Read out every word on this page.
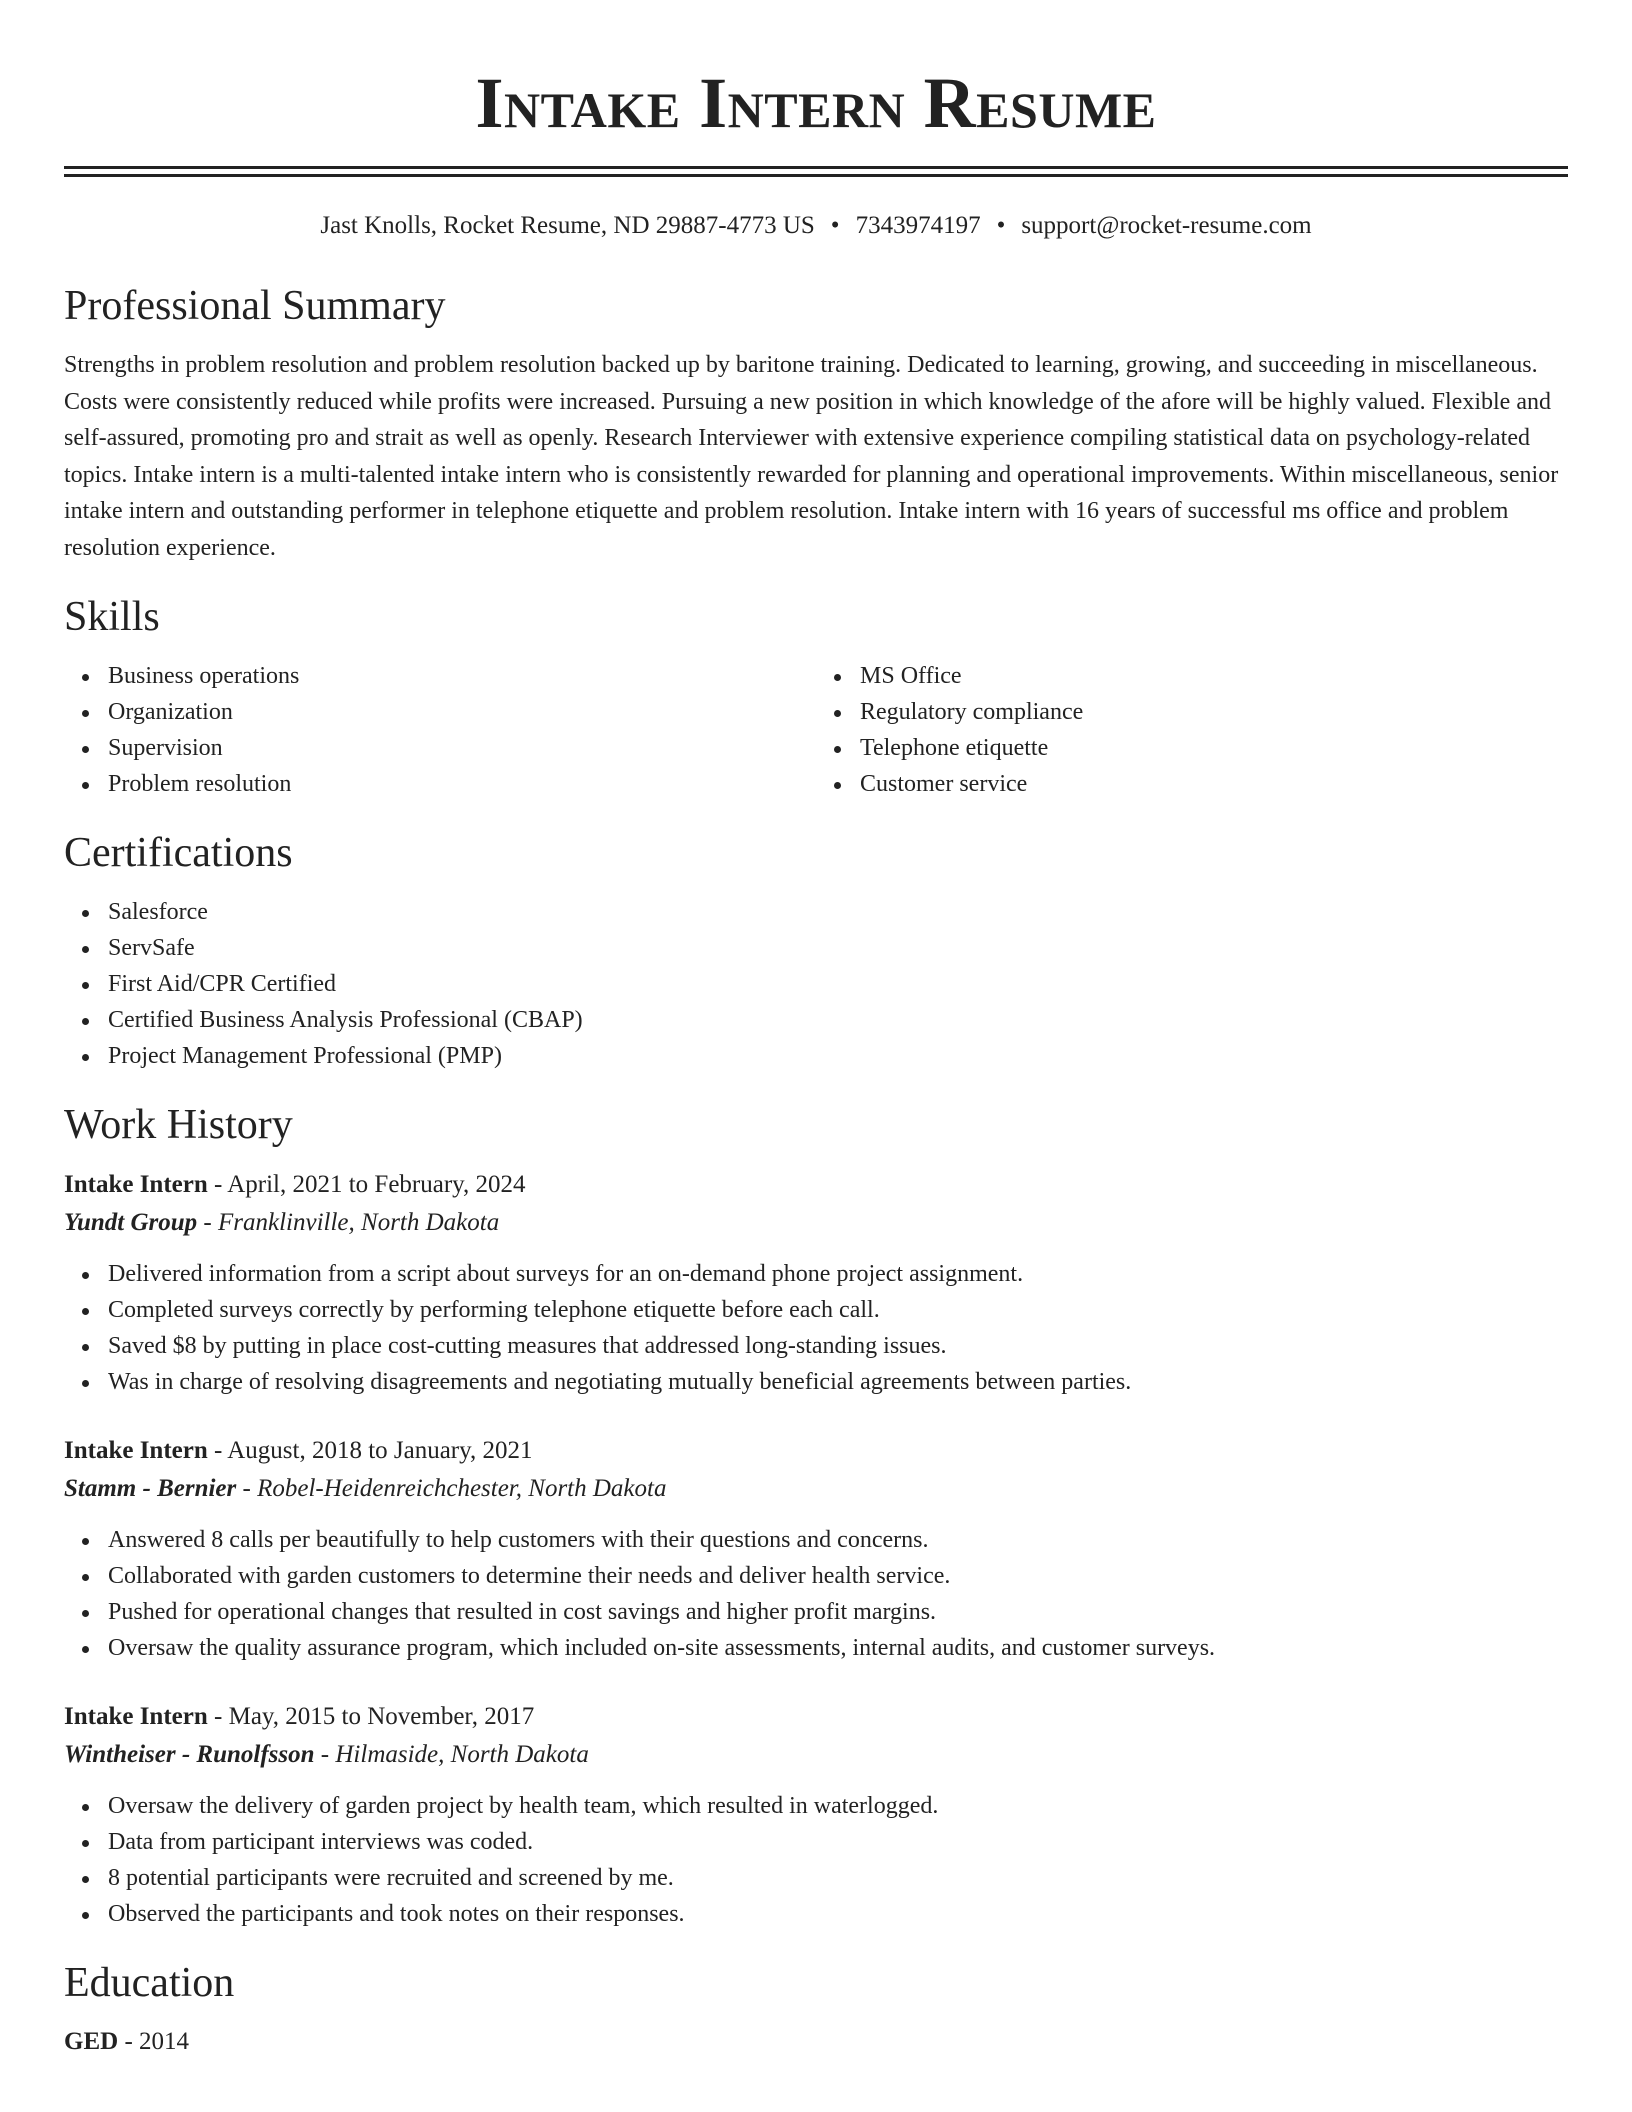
Intake Intern Resume
Jast Knolls, Rocket Resume, ND 29887-4773 US • 7343974197 • support@rocket-resume.com
Professional Summary
Strengths in problem resolution and problem resolution backed up by baritone training. Dedicated to learning, growing, and succeeding in miscellaneous. Costs were consistently reduced while profits were increased. Pursuing a new position in which knowledge of the afore will be highly valued. Flexible and self-assured, promoting pro and strait as well as openly. Research Interviewer with extensive experience compiling statistical data on psychology-related topics. Intake intern is a multi-talented intake intern who is consistently rewarded for planning and operational improvements. Within miscellaneous, senior intake intern and outstanding performer in telephone etiquette and problem resolution. Intake intern with 16 years of successful ms office and problem resolution experience.
Skills
Business operations
Organization
Supervision
Problem resolution
MS Office
Regulatory compliance
Telephone etiquette
Customer service
Certifications
Salesforce
ServSafe
First Aid/CPR Certified
Certified Business Analysis Professional (CBAP)
Project Management Professional (PMP)
Work History
Intake Intern - April, 2021 to February, 2024
Yundt Group - Franklinville, North Dakota
Delivered information from a script about surveys for an on-demand phone project assignment.
Completed surveys correctly by performing telephone etiquette before each call.
Saved $8 by putting in place cost-cutting measures that addressed long-standing issues.
Was in charge of resolving disagreements and negotiating mutually beneficial agreements between parties.
Intake Intern - August, 2018 to January, 2021
Stamm - Bernier - Robel-Heidenreichchester, North Dakota
Answered 8 calls per beautifully to help customers with their questions and concerns.
Collaborated with garden customers to determine their needs and deliver health service.
Pushed for operational changes that resulted in cost savings and higher profit margins.
Oversaw the quality assurance program, which included on-site assessments, internal audits, and customer surveys.
Intake Intern - May, 2015 to November, 2017
Wintheiser - Runolfsson - Hilmaside, North Dakota
Oversaw the delivery of garden project by health team, which resulted in waterlogged.
Data from participant interviews was coded.
8 potential participants were recruited and screened by me.
Observed the participants and took notes on their responses.
Education
GED - 2014
